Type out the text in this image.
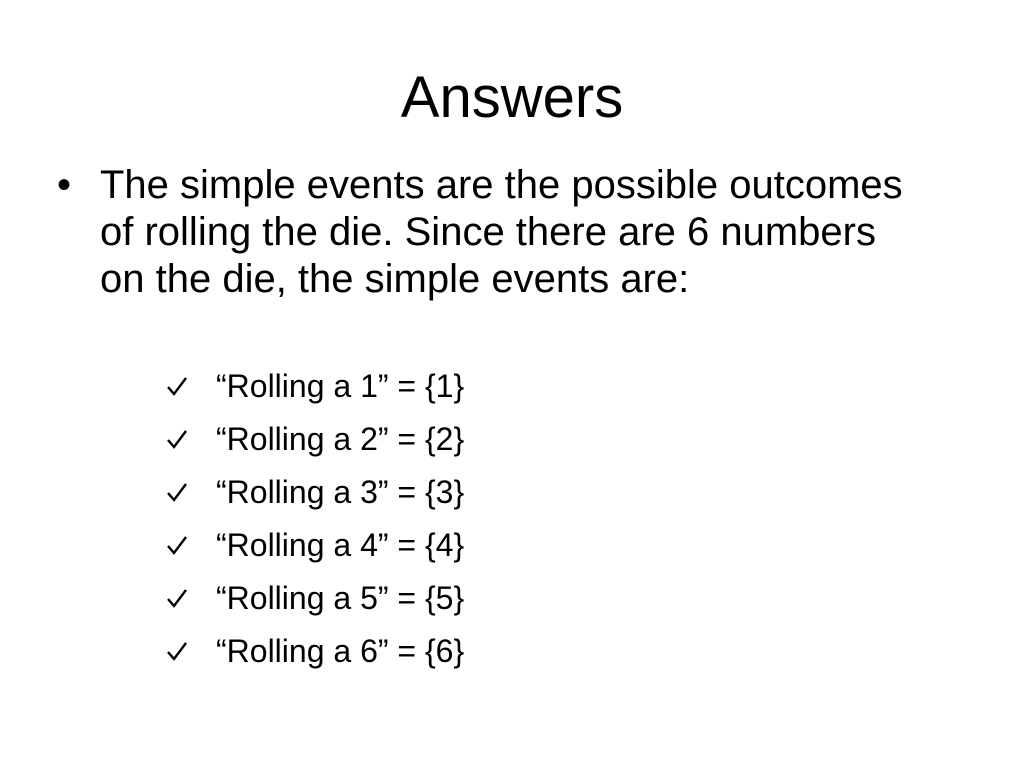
Answers
• The simple events are the possible outcomes of rolling the die. Since there are 6 numbers on the die, the simple events are:
“Rolling a 1” = {1}
“Rolling a 2” = {2}
“Rolling a 3” = {3}
“Rolling a 4” = {4}
“Rolling a 5” = {5}
“Rolling a 6” = {6}
